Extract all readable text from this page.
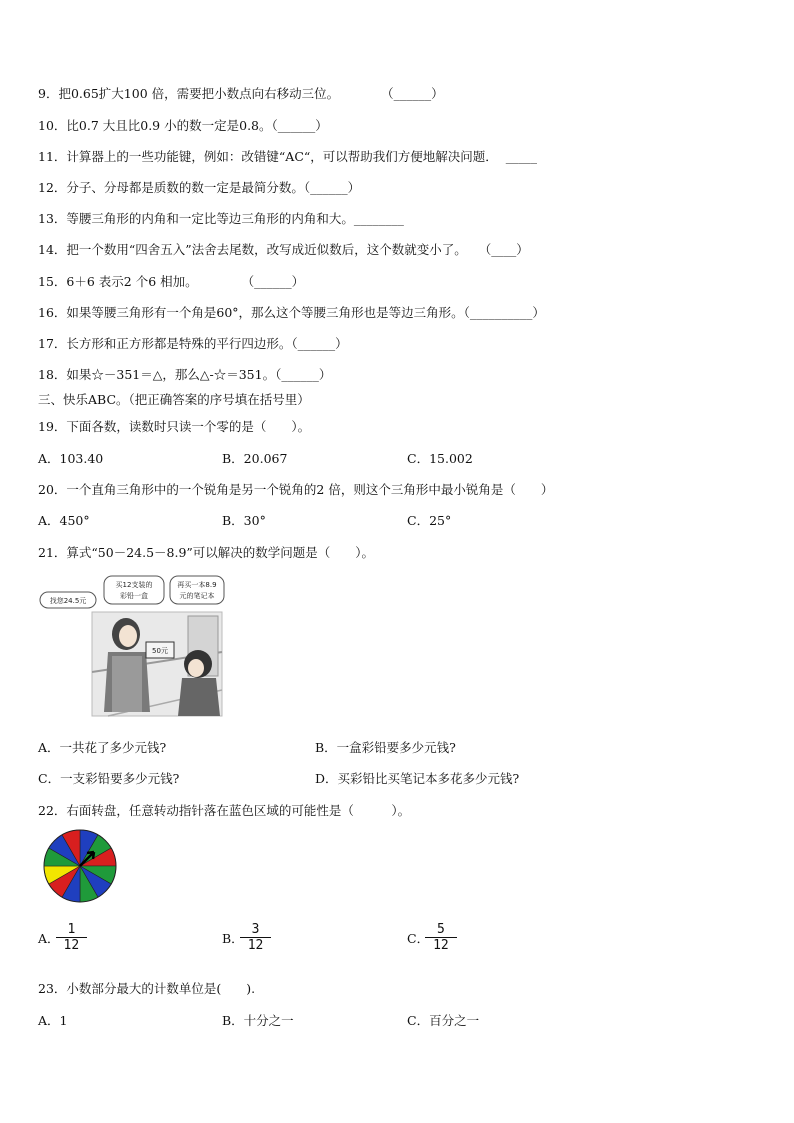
9．把0.65扩大100 倍，需要把小数点向右移动三位。	（______）
10．比0.7 大且比0.9 小的数一定是0.8。（______）
11．计算器上的一些功能键，例如：改错键“AC“，可以帮助我们方便地解决问题． _____
12．分子、分母都是质数的数一定是最简分数。（______）
13．等腰三角形的内角和一定比等边三角形的内角和大。________
14．把一个数用“四舍五入”法舍去尾数，改写成近似数后，这个数就变小了。 （____）
15．6＋6 表示2 个6 相加。	（______）
16．如果等腰三角形有一个角是60°，那么这个等腰三角形也是等边三角形。（__________）
17．长方形和正方形都是特殊的平行四边形。（______）
18．如果☆－351＝△，那么△-☆＝351。（______）
三、快乐ABC。（把正确答案的序号填在括号里）
19．下面各数，读数时只读一个零的是（　　）。
A．103.40	B．20.067	C．15.002
20．一个直角三角形中的一个锐角是另一个锐角的2 倍，则这个三角形中最小锐角是（　　）
A．450°	B．30°	C．25°
21．算式“50－24.5－8.9”可以解决的数学问题是（　　）。
50元
找您24.5元
买12支装的
彩铅一盒
再买一本8.9
元的笔记本
A．一共花了多少元钱?	B．一盒彩铅要多少元钱?
C．一支彩铅要多少元钱?	D．买彩铅比买笔记本多花多少元钱?
22．右面转盘，任意转动指针落在蓝色区域的可能性是（　　　）。
A． $\frac{1}{12}$	B． $\frac{3}{12}$	C． $\frac{5}{12}$
23．小数部分最大的计数单位是(　　).
A．1	B．十分之一	C．百分之一
